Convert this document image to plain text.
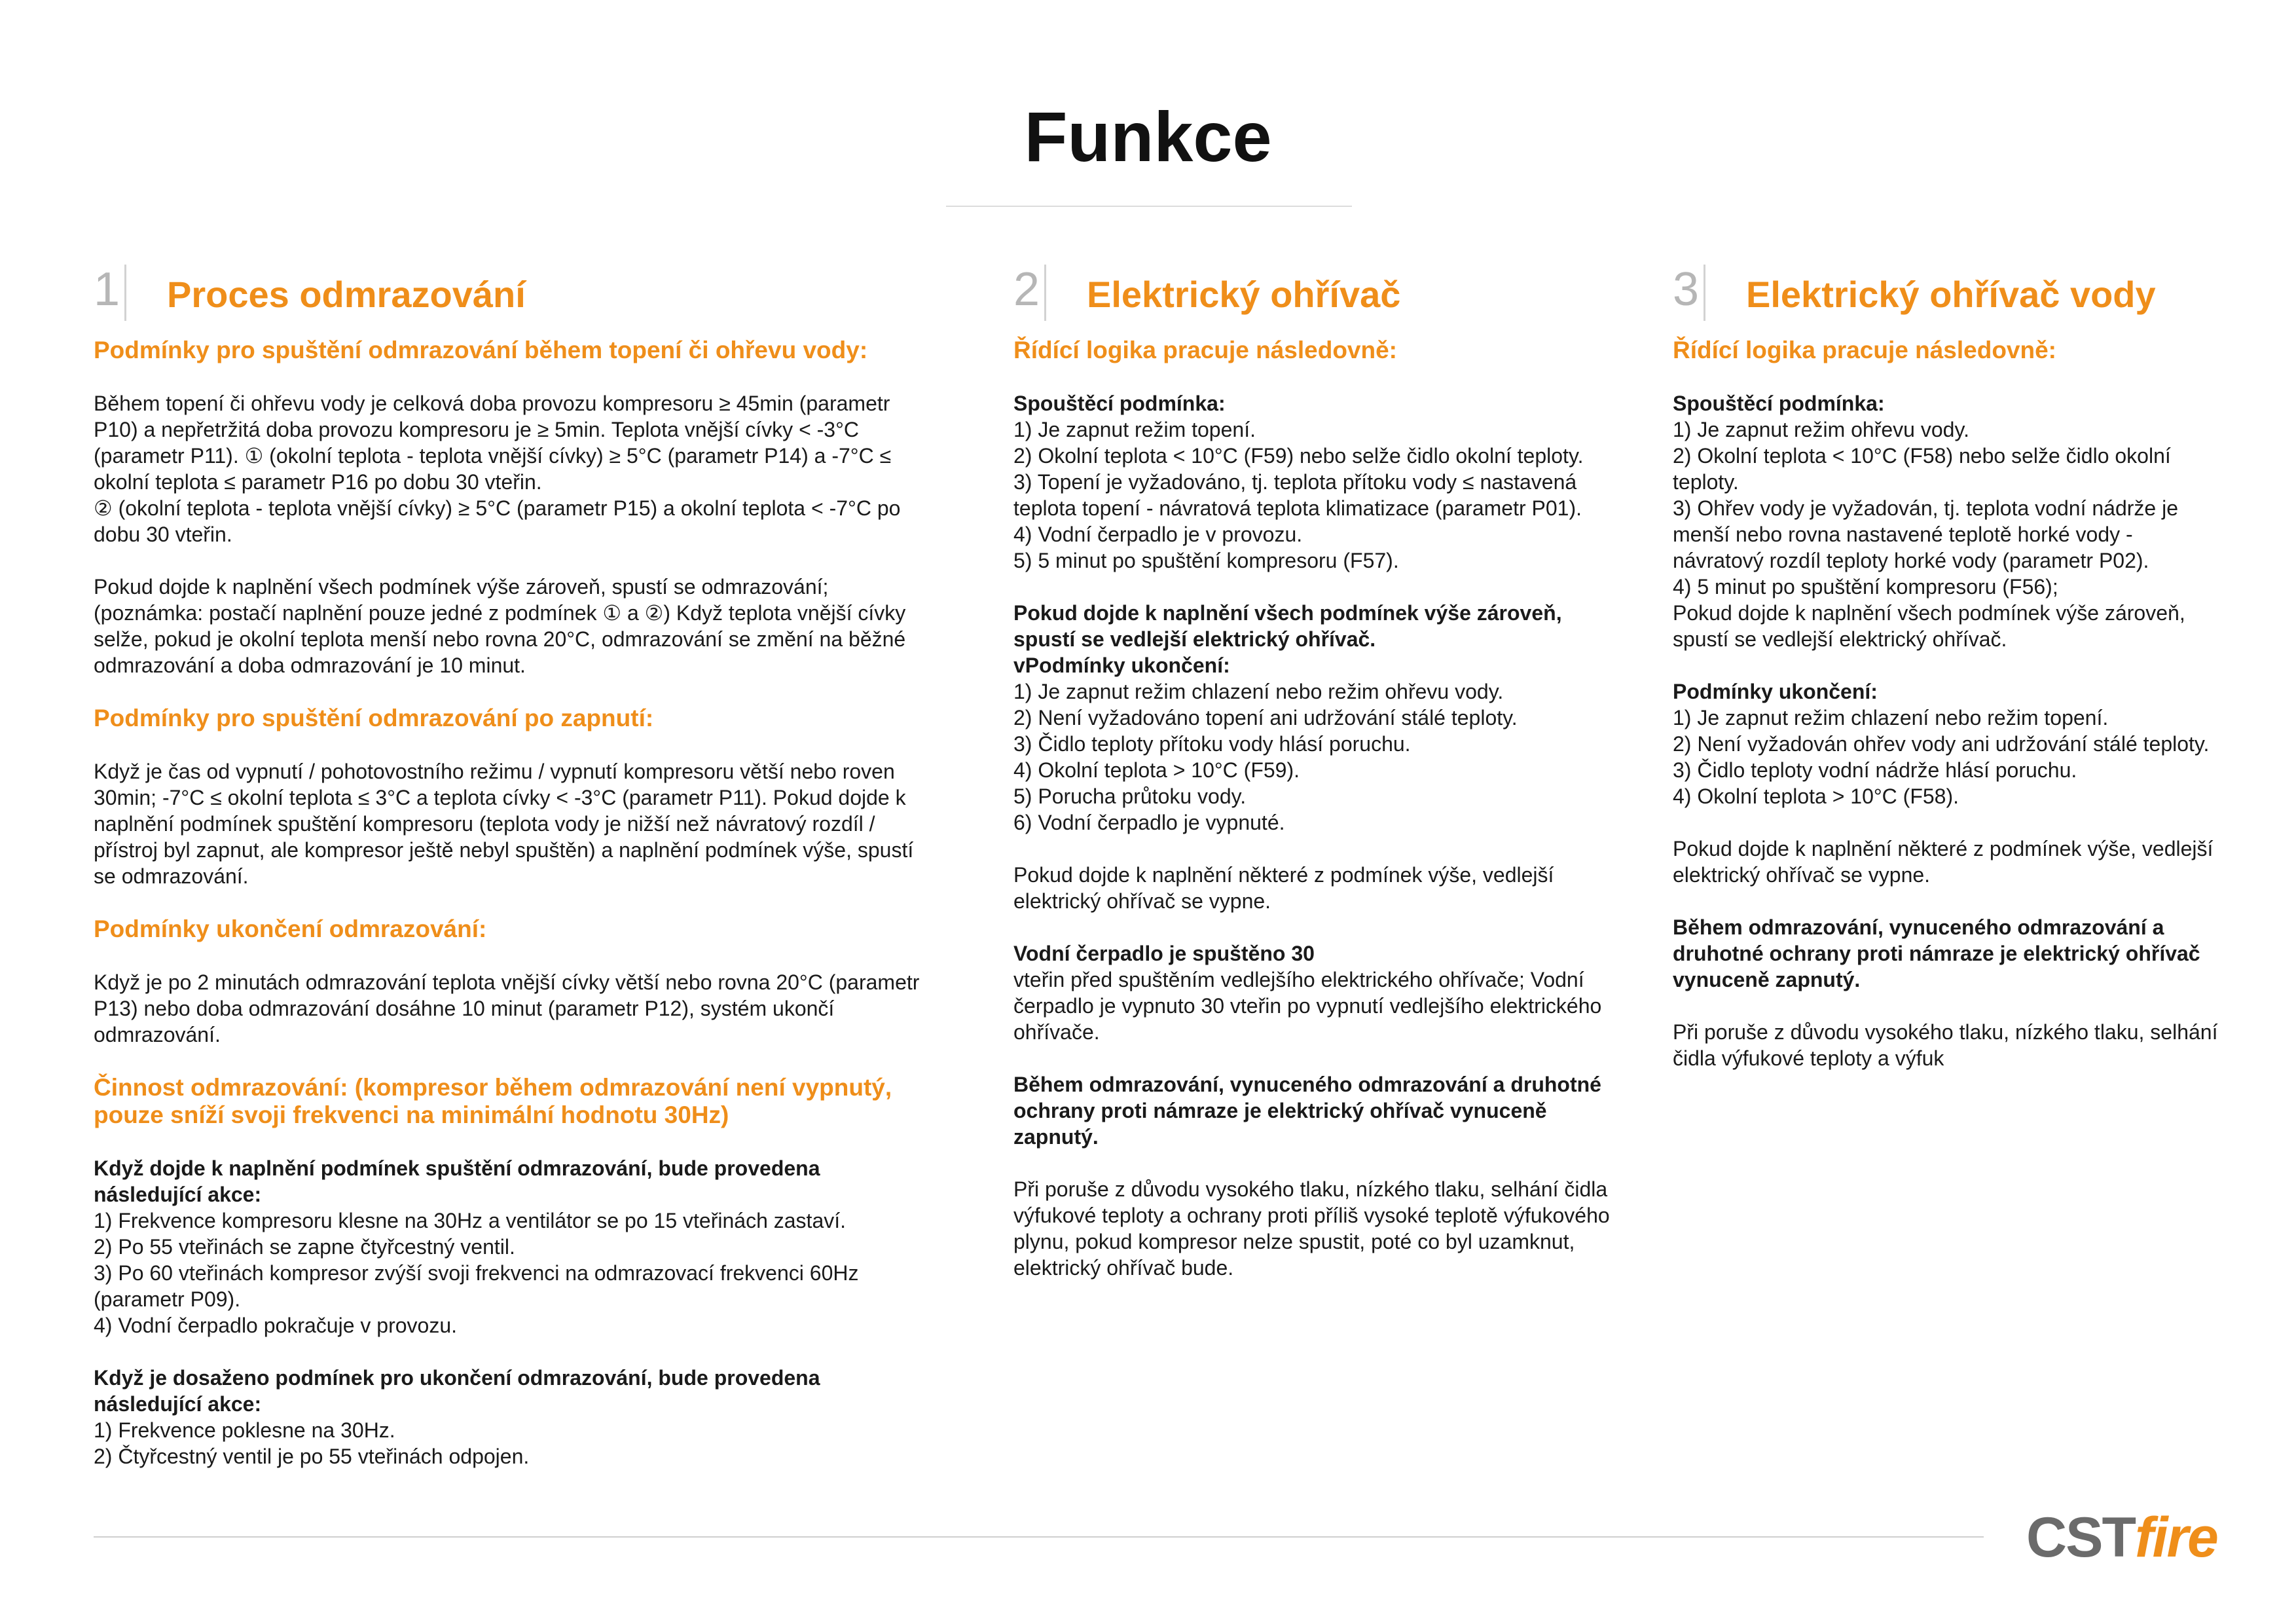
Funkce
1 Proces odmrazování
Podmínky pro spuštění odmrazování během topení či ohřevu vody:
Během topení či ohřevu vody je celková doba provozu kompresoru ≥ 45min (parametr P10) a nepřetržitá doba provozu kompresoru je ≥ 5min. Teplota vnější cívky < -3°C (parametr P11). ① (okolní teplota - teplota vnější cívky) ≥ 5°C (parametr P14) a -7°C ≤ okolní teplota ≤ parametr P16 po dobu 30 vteřin.
② (okolní teplota - teplota vnější cívky) ≥ 5°C (parametr P15) a okolní teplota < -7°C po dobu 30 vteřin.
Pokud dojde k naplnění všech podmínek výše zároveň, spustí se odmrazování; (poznámka: postačí naplnění pouze jedné z podmínek ① a ②) Když teplota vnější cívky selže, pokud je okolní teplota menší nebo rovna 20°C, odmrazování se změní na běžné odmrazování a doba odmrazování je 10 minut.
Podmínky pro spuštění odmrazování po zapnutí:
Když je čas od vypnutí / pohotovostního režimu / vypnutí kompresoru větší nebo roven 30min; -7°C ≤ okolní teplota ≤ 3°C a teplota cívky < -3°C (parametr P11). Pokud dojde k naplnění podmínek spuštění kompresoru (teplota vody je nižší než návratový rozdíl / přístroj byl zapnut, ale kompresor ještě nebyl spuštěn) a naplnění podmínek výše, spustí se odmrazování.
Podmínky ukončení odmrazování:
Když je po 2 minutách odmrazování teplota vnější cívky větší nebo rovna 20°C (parametr P13) nebo doba odmrazování dosáhne 10 minut (parametr P12), systém ukončí odmrazování.
Činnost odmrazování: (kompresor během odmrazování není vypnutý, pouze sníží svoji frekvenci na minimální hodnotu 30Hz)
Když dojde k naplnění podmínek spuštění odmrazování, bude provedena následující akce:
1) Frekvence kompresoru klesne na 30Hz a ventilátor se po 15 vteřinách zastaví.
2) Po 55 vteřinách se zapne čtyřcestný ventil.
3) Po 60 vteřinách kompresor zvýší svoji frekvenci na odmrazovací frekvenci 60Hz (parametr P09).
4) Vodní čerpadlo pokračuje v provozu.
Když je dosaženo podmínek pro ukončení odmrazování, bude provedena následující akce:
1) Frekvence poklesne na 30Hz.
2) Čtyřcestný ventil je po 55 vteřinách odpojen.
2 Elektrický ohřívač
Řídící logika pracuje následovně:
Spouštěcí podmínka:
1) Je zapnut režim topení.
2) Okolní teplota < 10°C (F59) nebo selže čidlo okolní teploty.
3) Topení je vyžadováno, tj. teplota přítoku vody ≤ nastavená teplota topení - návratová teplota klimatizace (parametr P01).
4) Vodní čerpadlo je v provozu.
5) 5 minut po spuštění kompresoru (F57).
Pokud dojde k naplnění všech podmínek výše zároveň, spustí se vedlejší elektrický ohřívač.
vPodmínky ukončení:
1) Je zapnut režim chlazení nebo režim ohřevu vody.
2) Není vyžadováno topení ani udržování stálé teploty.
3) Čidlo teploty přítoku vody hlásí poruchu.
4) Okolní teplota > 10°C (F59).
5) Porucha průtoku vody.
6) Vodní čerpadlo je vypnuté.
Pokud dojde k naplnění některé z podmínek výše, vedlejší elektrický ohřívač se vypne.
Vodní čerpadlo je spuštěno 30
vteřin před spuštěním vedlejšího elektrického ohřívače; Vodní čerpadlo je vypnuto 30 vteřin po vypnutí vedlejšího elektrického ohřívače.
Během odmrazování, vynuceného odmrazování a druhotné ochrany proti námraze je elektrický ohřívač vynuceně zapnutý.
Při poruše z důvodu vysokého tlaku, nízkého tlaku, selhání čidla výfukové teploty a ochrany proti příliš vysoké teplotě výfukového plynu, pokud kompresor nelze spustit, poté co byl uzamknut, elektrický ohřívač bude.
3 Elektrický ohřívač vody
Řídící logika pracuje následovně:
Spouštěcí podmínka:
1) Je zapnut režim ohřevu vody.
2) Okolní teplota < 10°C (F58) nebo selže čidlo okolní teploty.
3) Ohřev vody je vyžadován, tj. teplota vodní nádrže je menší nebo rovna nastavené teplotě horké vody - návratový rozdíl teploty horké vody (parametr P02).
4) 5 minut po spuštění kompresoru (F56);
Pokud dojde k naplnění všech podmínek výše zároveň, spustí se vedlejší elektrický ohřívač.
Podmínky ukončení:
1) Je zapnut režim chlazení nebo režim topení.
2) Není vyžadován ohřev vody ani udržování stálé teploty.
3) Čidlo teploty vodní nádrže hlásí poruchu.
4) Okolní teplota > 10°C (F58).
Pokud dojde k naplnění některé z podmínek výše, vedlejší elektrický ohřívač se vypne.
Během odmrazování, vynuceného odmrazování a druhotné ochrany proti námraze je elektrický ohřívač vynuceně zapnutý.
Při poruše z důvodu vysokého tlaku, nízkého tlaku, selhání čidla výfukové teploty a výfuk
CSTfire
